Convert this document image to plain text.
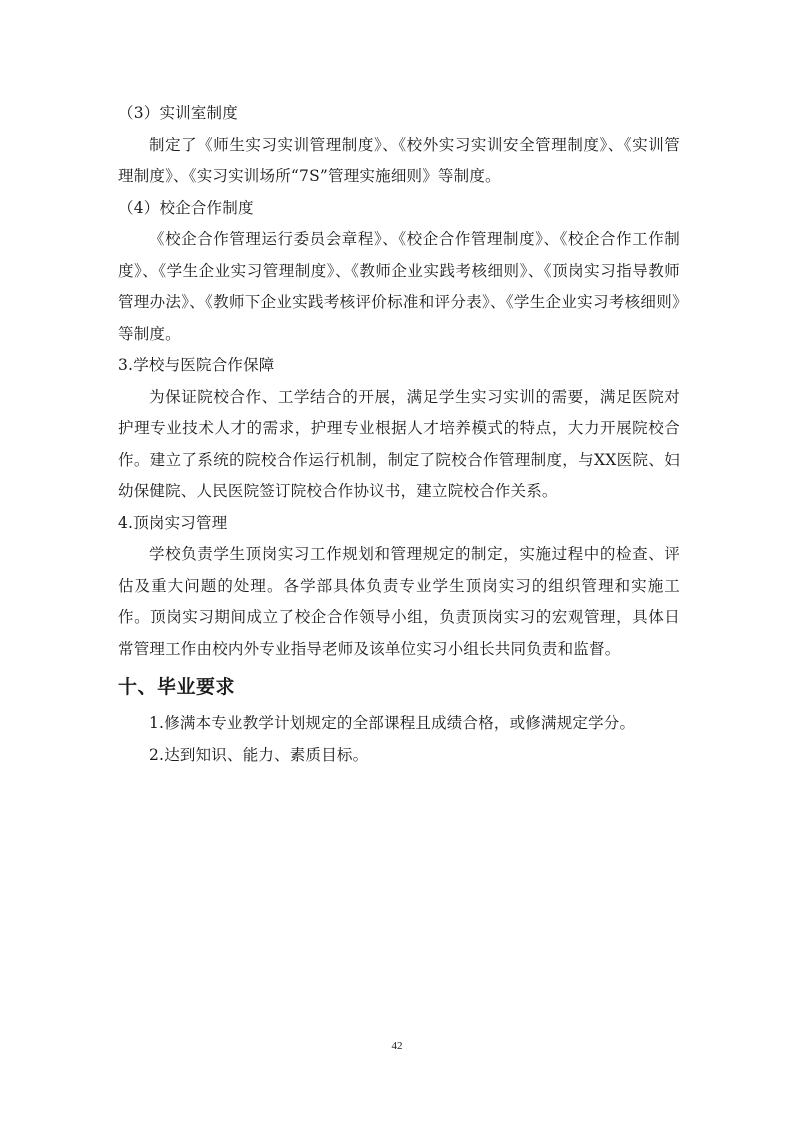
（3）实训室制度

制定了《师生实习实训管理制度》、《校外实习实训安全管理制度》、《实训管理制度》、《实习实训场所“7S”管理实施细则》等制度。

（4）校企合作制度

《校企合作管理运行委员会章程》、《校企合作管理制度》、《校企合作工作制度》、《学生企业实习管理制度》、《教师企业实践考核细则》、《顶岗实习指导教师管理办法》、《教师下企业实践考核评价标准和评分表》、《学生企业实习考核细则》等制度。

3.学校与医院合作保障

为保证院校合作、工学结合的开展，满足学生实习实训的需要，满足医院对护理专业技术人才的需求，护理专业根据人才培养模式的特点，大力开展院校合作。建立了系统的院校合作运行机制，制定了院校合作管理制度，与XX医院、妇幼保健院、人民医院签订院校合作协议书，建立院校合作关系。

4.顶岗实习管理

学校负责学生顶岗实习工作规划和管理规定的制定，实施过程中的检查、评估及重大问题的处理。各学部具体负责专业学生顶岗实习的组织管理和实施工作。顶岗实习期间成立了校企合作领导小组，负责顶岗实习的宏观管理，具体日常管理工作由校内外专业指导老师及该单位实习小组长共同负责和监督。

十、毕业要求

1.修满本专业教学计划规定的全部课程且成绩合格，或修满规定学分。

2.达到知识、能力、素质目标。

42
